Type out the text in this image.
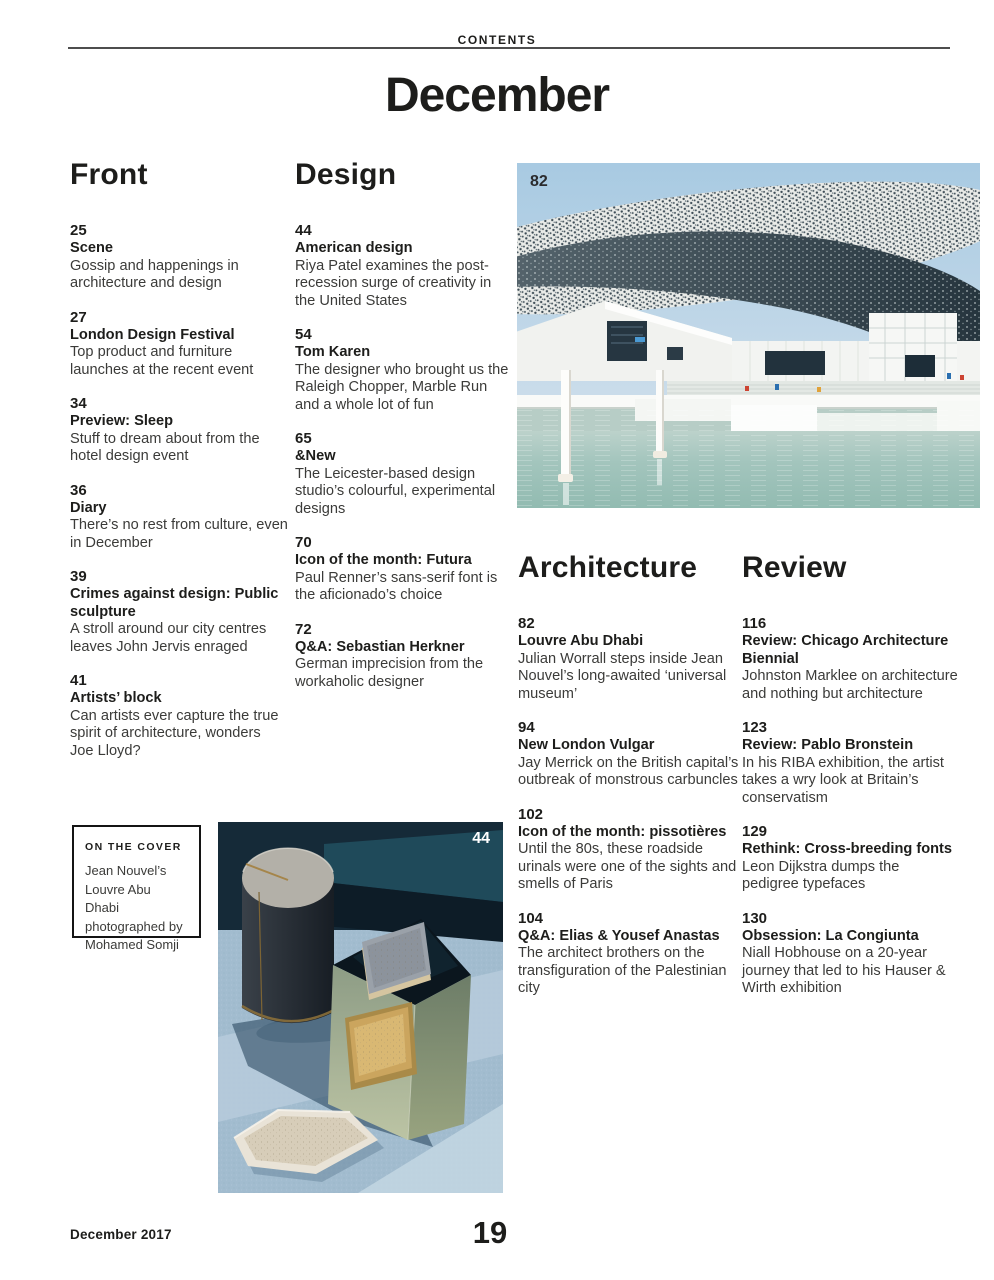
CONTENTS
December
Front
25
Scene

Gossip and happenings in architecture and design

27
London Design Festival

Top product and furniture launches at the recent event

34
Preview: Sleep

Stuff to dream about from the hotel design event

36
Diary

There’s no rest from culture, even in December

39
Crimes against design: Public sculpture

A stroll around our city centres leaves John Jervis enraged

41
Artists’ block

Can artists ever capture the true spirit of architecture, wonders Joe Lloyd?

Design
44
American design

Riya Patel examines the post-recession surge of creativity in the United States

54
Tom Karen

The designer who brought us the Raleigh Chopper, Marble Run and a whole lot of fun

65
&New

The Leicester-based design studio’s colourful, experimental designs

70
Icon of the month: Futura

Paul Renner’s sans-serif font is the aficionado’s choice

72
Q&A: Sebastian Herkner

German imprecision from the workaholic designer

Architecture
82
Louvre Abu Dhabi

Julian Worrall steps inside Jean Nouvel’s long-awaited ‘universal museum’

94
New London Vulgar

Jay Merrick on the British capital’s outbreak of monstrous carbuncles

102
Icon of the month: pissotières

Until the 80s, these roadside urinals were one of the sights and smells of Paris

104
Q&A: Elias & Yousef Anastas

The architect brothers on the transfiguration of the Palestinian city

Review
116
Review: Chicago Architecture Biennial

Johnston Marklee on architecture and nothing but architecture

123
Review: Pablo Bronstein

In his RIBA exhibition, the artist takes a wry look at Britain’s conservatism

129
Rethink: Cross-breeding fonts

Leon Dijkstra dumps the pedigree typefaces

130
Obsession: La Congiunta

Niall Hobhouse on a 20-year journey that led to his Hauser & Wirth exhibition

82
ON THE COVER
Jean Nouvel’s Louvre Abu Dhabi photographed by Mohamed Somji
44
December 2017	19
